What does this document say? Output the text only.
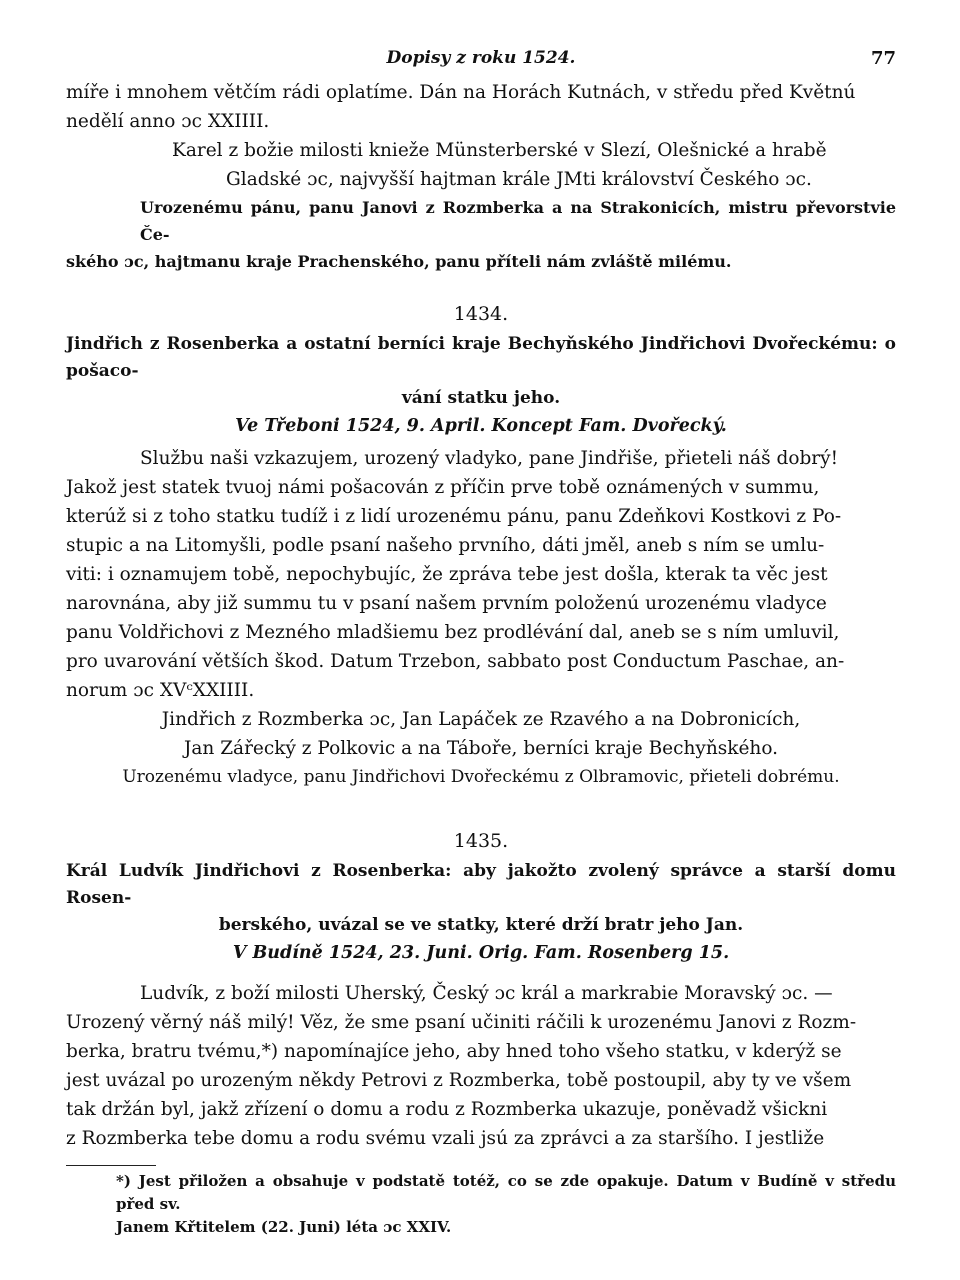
Dopisy z roku 1524.	77

míře i mnohem větčím rádi oplatíme. Dán na Horách Kutnách, v středu před Květnú

nedělí anno ɔc XXIIII.

Karel z božie milosti knieže Münsterberské v Slezí, Olešnické a hrabě

Gladské ɔc, najvyšší hajtman krále JMti království Českého ɔc.

Urozenému pánu, panu Janovi z Rozmberka a na Strakonicích, mistru převorstvie Če-

ského ɔc, hajtmanu kraje Prachenského, panu příteli nám zvláště milému.

1434.

Jindřich z Rosenberka a ostatní berníci kraje Bechyňského Jindřichovi Dvořeckému: o pošaco-

vání statku jeho.

Ve Třeboni 1524, 9. April. Koncept Fam. Dvořecký.

Službu naši vzkazujem, urozený vladyko, pane Jindřiše, přieteli náš dobrý!

Jakož jest statek tvuoj námi pošacován z příčin prve tobě oznámených v summu,

kterúž si z toho statku tudíž i z lidí urozenému pánu, panu Zdeňkovi Kostkovi z Po-

stupic a na Litomyšli, podle psaní našeho prvního, dáti jměl, aneb s ním se umlu-

viti: i oznamujem tobě, nepochybujíc, že zpráva tebe jest došla, kterak ta věc jest

narovnána, aby již summu tu v psaní našem prvním položenú urozenému vladyce

panu Voldřichovi z Mezného mladšiemu bez prodlévání dal, aneb se s ním umluvil,

pro uvarování větších škod. Datum Trzebon, sabbato post Conductum Paschae, an-

norum ɔc XVᶜXXIIII.

Jindřich z Rozmberka ɔc, Jan Lapáček ze Rzavého a na Dobronicích,

Jan Zářecký z Polkovic a na Táboře, berníci kraje Bechyňského.

Urozenému vladyce, panu Jindřichovi Dvořeckému z Olbramovic, přieteli dobrému.

1435.

Král Ludvík Jindřichovi z Rosenberka: aby jakožto zvolený správce a starší domu Rosen-

berského, uvázal se ve statky, které drží bratr jeho Jan.

V Budíně 1524, 23. Juni. Orig. Fam. Rosenberg 15.

Ludvík, z boží milosti Uherský, Český ɔc král a markrabie Moravský ɔc. —

Urozený věrný náš milý! Věz, že sme psaní učiniti ráčili k urozenému Janovi z Rozm-

berka, bratru tvému,*) napomínajíce jeho, aby hned toho všeho statku, v kderýž se

jest uvázal po urozeným někdy Petrovi z Rozmberka, tobě postoupil, aby ty ve všem

tak držán byl, jakž zřízení o domu a rodu z Rozmberka ukazuje, poněvadž všickni

z Rozmberka tebe domu a rodu svému vzali jsú za zprávci a za staršího. I jestliže

*) Jest přiložen a obsahuje v podstatě totéž, co se zde opakuje. Datum v Budíně v středu před sv.

Janem Křtitelem (22. Juni) léta ɔc XXIV.
